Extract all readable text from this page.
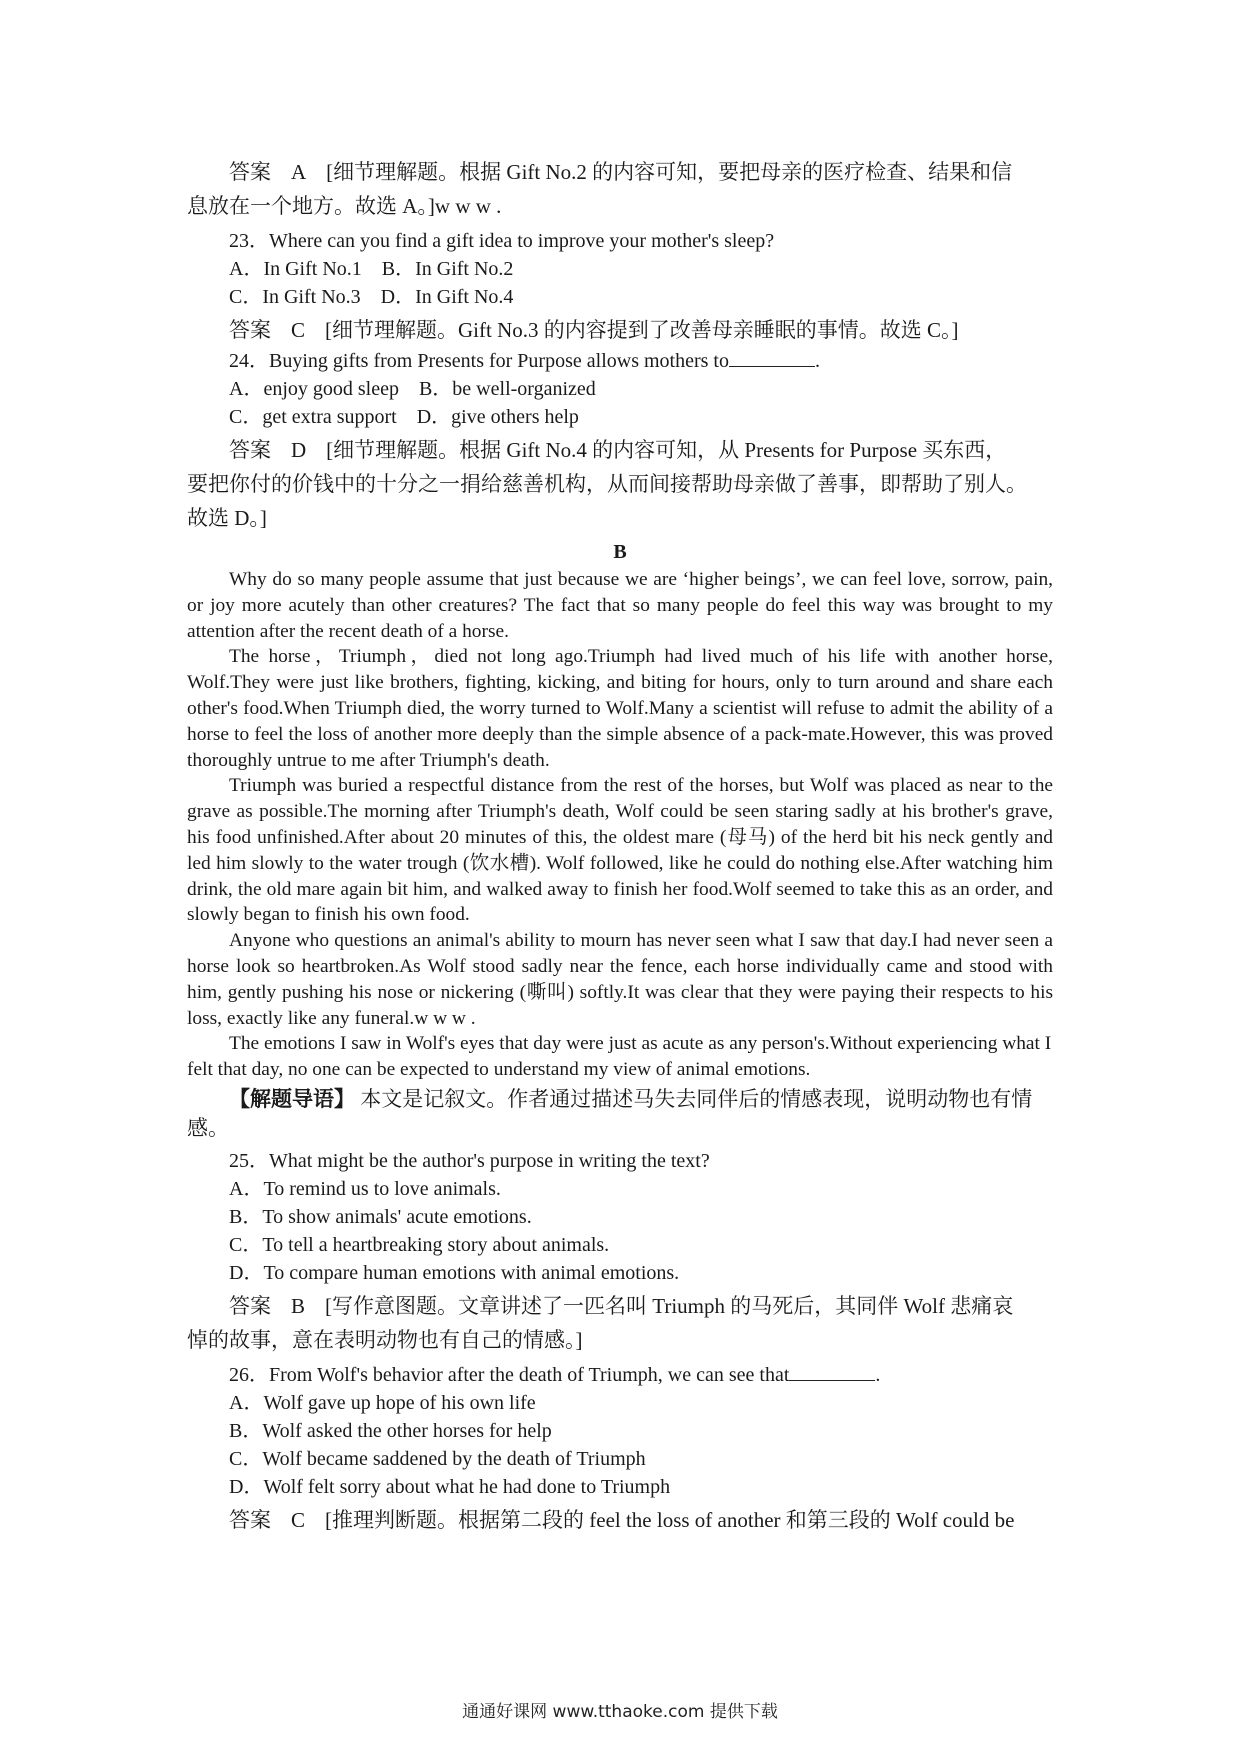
答案 A [细节理解题。根据 Gift No.2 的内容可知，要把母亲的医疗检查、结果和信
息放在一个地方。故选 A。]w w w .
23．Where can you find a gift idea to improve your mother's sleep?
A．In Gift No.1    B．In Gift No.2
C．In Gift No.3    D．In Gift No.4
答案 C [细节理解题。Gift No.3 的内容提到了改善母亲睡眠的事情。故选 C。]
24．Buying gifts from Presents for Purpose allows mothers to	.
A．enjoy good sleep    B．be well-organized
C．get extra support    D．give others help
答案 D [细节理解题。根据 Gift No.4 的内容可知，从 Presents for Purpose 买东西，
要把你付的价钱中的十分之一捐给慈善机构，从而间接帮助母亲做了善事，即帮助了别人。
故选 D。]
B
Why do so many people assume that just because we are ‘higher beings’, we can feel love, sorrow, pain, or joy more acutely than other creatures? The fact that so many people do feel this way was brought to my attention after the recent death of a horse.
The horse，Triumph，died not long ago.Triumph had lived much of his life with another horse, Wolf.They were just like brothers, fighting, kicking, and biting for hours, only to turn around and share each other's food.When Triumph died, the worry turned to Wolf.Many a scientist will refuse to admit the ability of a horse to feel the loss of another more deeply than the simple absence of a pack-mate.However, this was proved thoroughly untrue to me after Triumph's death.
Triumph was buried a respectful distance from the rest of the horses, but Wolf was placed as near to the grave as possible.The morning after Triumph's death, Wolf could be seen staring sadly at his brother's grave, his food unfinished.After about 20 minutes of this, the oldest mare (母马) of the herd bit his neck gently and led him slowly to the water trough (饮水槽). Wolf followed, like he could do nothing else.After watching him drink, the old mare again bit him, and walked away to finish her food.Wolf seemed to take this as an order, and slowly began to finish his own food.
Anyone who questions an animal's ability to mourn has never seen what I saw that day.I had never seen a horse look so heartbroken.As Wolf stood sadly near the fence, each horse individually came and stood with him, gently pushing his nose or nickering (嘶叫) softly.It was clear that they were paying their respects to his loss, exactly like any funeral.w w w .
The emotions I saw in Wolf's eyes that day were just as acute as any person's.Without experiencing what I felt that day, no one can be expected to understand my view of animal emotions.
【解题导语】 本文是记叙文。作者通过描述马失去同伴后的情感表现，说明动物也有情感。
25．What might be the author's purpose in writing the text?
A．To remind us to love animals.
B．To show animals' acute emotions.
C．To tell a heartbreaking story about animals.
D．To compare human emotions with animal emotions.
答案 B [写作意图题。文章讲述了一匹名叫 Triumph 的马死后，其同伴 Wolf 悲痛哀
悼的故事，意在表明动物也有自己的情感。]
26．From Wolf's behavior after the death of Triumph, we can see that	.
A．Wolf gave up hope of his own life
B．Wolf asked the other horses for help
C．Wolf became saddened by the death of Triumph
D．Wolf felt sorry about what he had done to Triumph
答案 C [推理判断题。根据第二段的 feel the loss of another 和第三段的 Wolf could be
通通好课网 www.tthaoke.com 提供下载
